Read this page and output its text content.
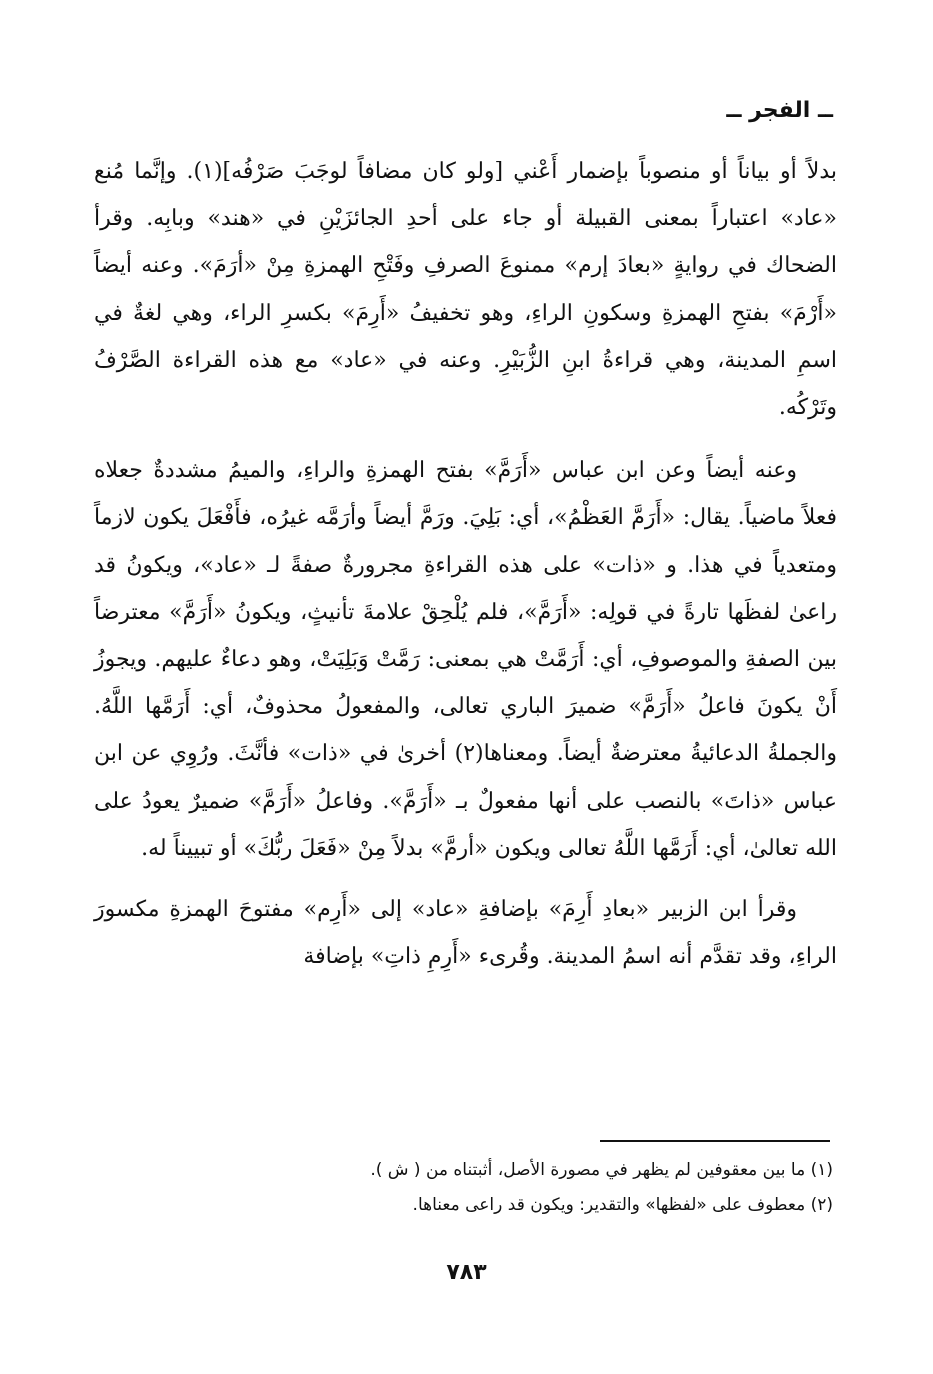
ــ الفجر ــ

بدلاً أو بياناً أو منصوباً بإضمار أَعْني [ولو كان مضافاً لوجَبَ صَرْفُه](١). وإنَّما مُنع «عاد» اعتباراً بمعنى القبيلة أو جاء على أحدِ الجائزَيْنِ في «هند» وبابِه. وقرأ الضحاك في روايةٍ «بعادَ إرم» ممنوعَ الصرفِ وفَتْحِ الهمزةِ مِنْ «أرَمَ». وعنه أيضاً «أَرْمَ» بفتحِ الهمزةِ وسكونِ الراءِ، وهو تخفيفُ «أَرِمَ» بكسرِ الراء، وهي لغةٌ في اسمِ المدينة، وهي قراءةُ ابنِ الزُّبَيْرِ. وعنه في «عاد» مع هذه القراءة الصَّرْفُ وتَرْكُه.

وعنه أيضاً وعن ابن عباس «أَرَمَّ» بفتح الهمزةِ والراءِ، والميمُ مشددةٌ جعلاه فعلاً ماضياً. يقال: «أَرَمَّ العَظْمُ»، أي: بَلِيَ. ورَمَّ أيضاً وأرَمَّه غيرُه، فأَفْعَلَ يكون لازماً ومتعدياً في هذا. و «ذات» على هذه القراءةِ مجرورةٌ صفةً لـ «عاد»، ويكونُ قد راعىٰ لفظَها تارةً في قولِه: «أَرَمَّ»، فلم يُلْحِقْ علامةَ تأنيثٍ، ويكونُ «أَرَمَّ» معترضاً بين الصفةِ والموصوفِ، أي: أَرَمَّتْ هي بمعنى: رَمَّتْ وَبَلِيَتْ، وهو دعاءٌ عليهم. ويجوزُ أَنْ يكونَ فاعلُ «أَرَمَّ» ضميرَ الباري تعالى، والمفعولُ محذوفٌ، أي: أَرَمَّها اللَّهُ. والجملةُ الدعائيةُ معترضةٌ أيضاً. ومعناها(٢) أخرىٰ في «ذات» فأنَّثَ. ورُوِي عن ابن عباس «ذاتَ» بالنصب على أنها مفعولٌ بـ «أَرَمَّ». وفاعلُ «أَرَمَّ» ضميرٌ يعودُ على الله تعالىٰ، أي: أَرَمَّها اللَّهُ تعالى ويكون «أرمَّ» بدلاً مِنْ «فَعَلَ ربُّكَ» أو تبييناً له.

وقرأ ابن الزبير «بعادِ أَرِمَ» بإضافةِ «عاد» إلى «أَرِم» مفتوحَ الهمزةِ مكسورَ الراءِ، وقد تقدَّم أنه اسمُ المدينة. وقُرىء «أَرِمِ ذاتِ» بإضافة

(١) ما بين معقوفين لم يظهر في مصورة الأصل، أثبتناه من ( ش ).

(٢) معطوف على «لفظها» والتقدير: ويكون قد راعى معناها.

٧٨٣
